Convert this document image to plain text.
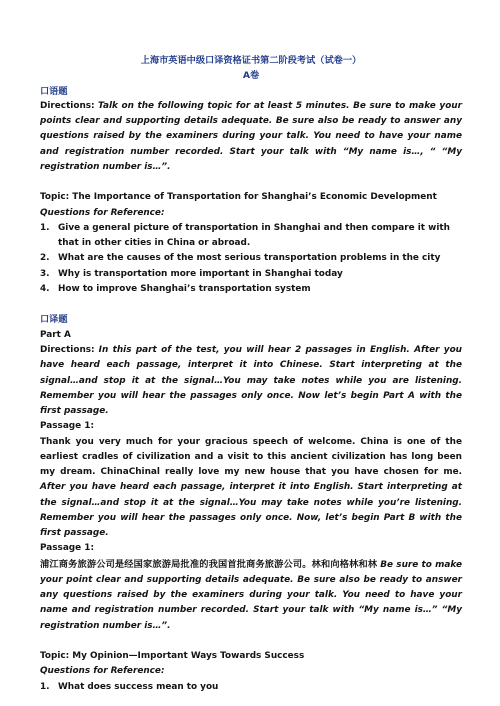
上海市英语中级口译资格证书第二阶段考试（试卷一）

A卷

口语题

Directions: Talk on the following topic for at least 5 minutes. Be sure to make your points clear and supporting details adequate. Be sure also be ready to answer any questions raised by the examiners during your talk. You need to have your name and registration number recorded. Start your talk with “My name is…, “ “My registration number is…”.

Topic: The Importance of Transportation for Shanghai’s Economic Development

Questions for Reference:

1. Give a general picture of transportation in Shanghai and then compare it with that in other cities in China or abroad.
2. What are the causes of the most serious transportation problems in the city
3. Why is transportation more important in Shanghai today
4. How to improve Shanghai’s transportation system

口译题

Part A

Directions: In this part of the test, you will hear 2 passages in English. After you have heard each passage, interpret it into Chinese. Start interpreting at the signal…and stop it at the signal…You may take notes while you are listening. Remember you will hear the passages only once. Now let’s begin Part A with the first passage.

Passage 1:

Thank you very much for your gracious speech of welcome. China is one of the earliest cradles of civilization and a visit to this ancient civilization has long been my dream. ChinaChinal really love my new house that you have chosen for me. After you have heard each passage, interpret it into English. Start interpreting at the signal…and stop it at the signal…You may take notes while you’re listening. Remember you will hear the passages only once. Now, let’s begin Part B with the first passage.

Passage 1:

浦江商务旅游公司是经国家旅游局批准的我国首批商务旅游公司。林和向格林和林 Be sure to make your point clear and supporting details adequate. Be sure also be ready to answer any questions raised by the examiners during your talk. You need to have your name and registration number recorded. Start your talk with “My name is…” “My registration number is…”.

Topic: My Opinion—Important Ways Towards Success

Questions for Reference:

1. What does success mean to you
